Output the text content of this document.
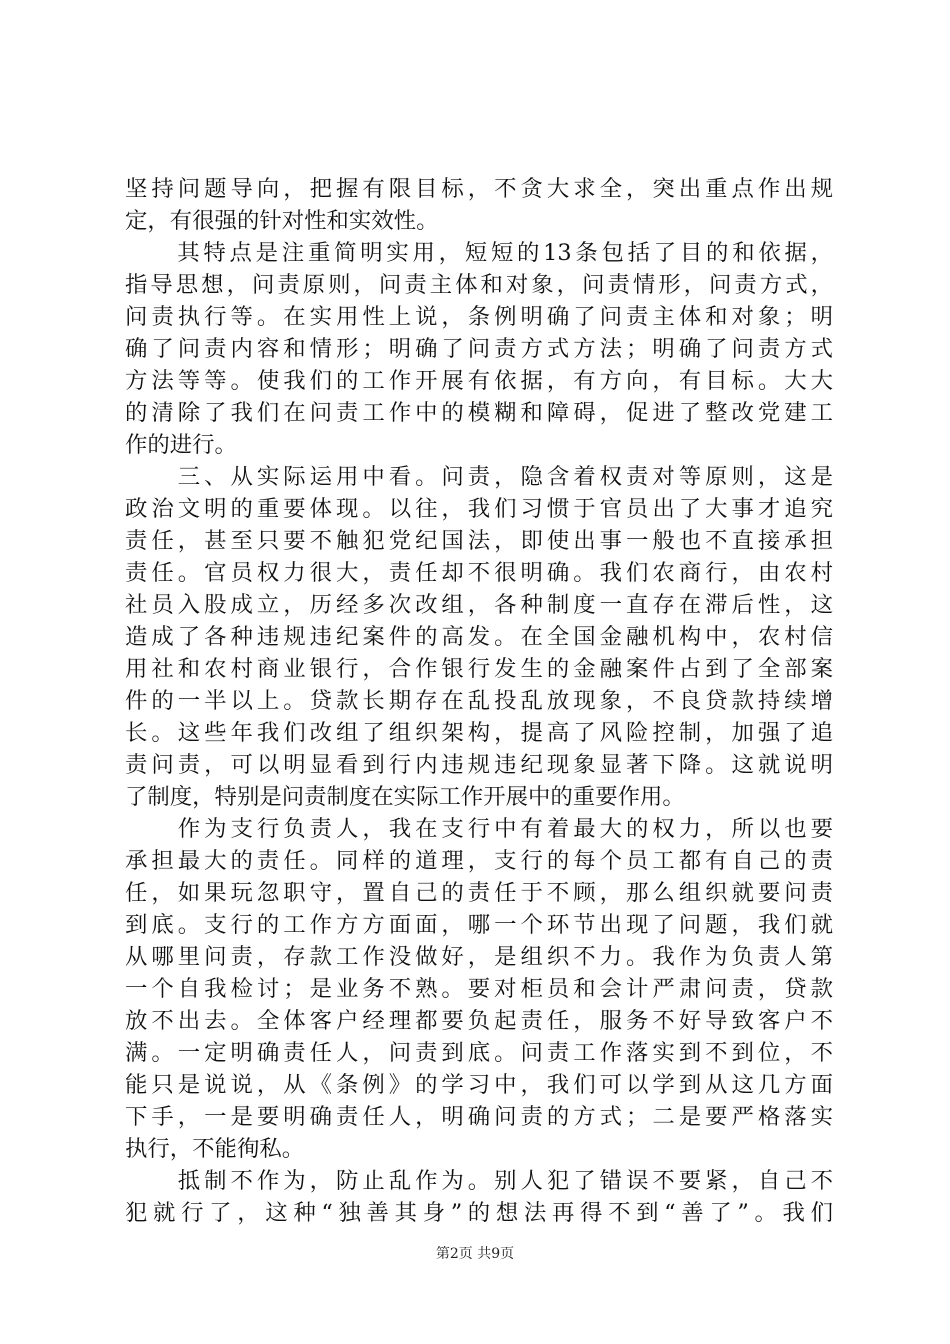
坚持问题导向，把握有限目标，不贪大求全，突出重点作出规
定，有很强的针对性和实效性。
　　其特点是注重简明实用，短短的13条包括了目的和依据，
指导思想，问责原则，问责主体和对象，问责情形，问责方式，
问责执行等。在实用性上说，条例明确了问责主体和对象；明
确了问责内容和情形；明确了问责方式方法；明确了问责方式
方法等等。使我们的工作开展有依据，有方向，有目标。大大
的清除了我们在问责工作中的模糊和障碍，促进了整改党建工
作的进行。
　　三、从实际运用中看。问责，隐含着权责对等原则，这是
政治文明的重要体现。以往，我们习惯于官员出了大事才追究
责任，甚至只要不触犯党纪国法，即使出事一般也不直接承担
责任。官员权力很大，责任却不很明确。我们农商行，由农村
社员入股成立，历经多次改组，各种制度一直存在滞后性，这
造成了各种违规违纪案件的高发。在全国金融机构中，农村信
用社和农村商业银行，合作银行发生的金融案件占到了全部案
件的一半以上。贷款长期存在乱投乱放现象，不良贷款持续增
长。这些年我们改组了组织架构，提高了风险控制，加强了追
责问责，可以明显看到行内违规违纪现象显著下降。这就说明
了制度，特别是问责制度在实际工作开展中的重要作用。
　　作为支行负责人，我在支行中有着最大的权力，所以也要
承担最大的责任。同样的道理，支行的每个员工都有自己的责
任，如果玩忽职守，置自己的责任于不顾，那么组织就要问责
到底。支行的工作方方面面，哪一个环节出现了问题，我们就
从哪里问责，存款工作没做好，是组织不力。我作为负责人第
一个自我检讨；是业务不熟。要对柜员和会计严肃问责，贷款
放不出去。全体客户经理都要负起责任，服务不好导致客户不
满。一定明确责任人，问责到底。问责工作落实到不到位，不
能只是说说，从《条例》的学习中，我们可以学到从这几方面
下手，一是要明确责任人，明确问责的方式；二是要严格落实
执行，不能徇私。
　　抵制不作为，防止乱作为。别人犯了错误不要紧，自己不
犯就行了，这种“独善其身”的想法再得不到“善了”。我们
第2页 共9页
